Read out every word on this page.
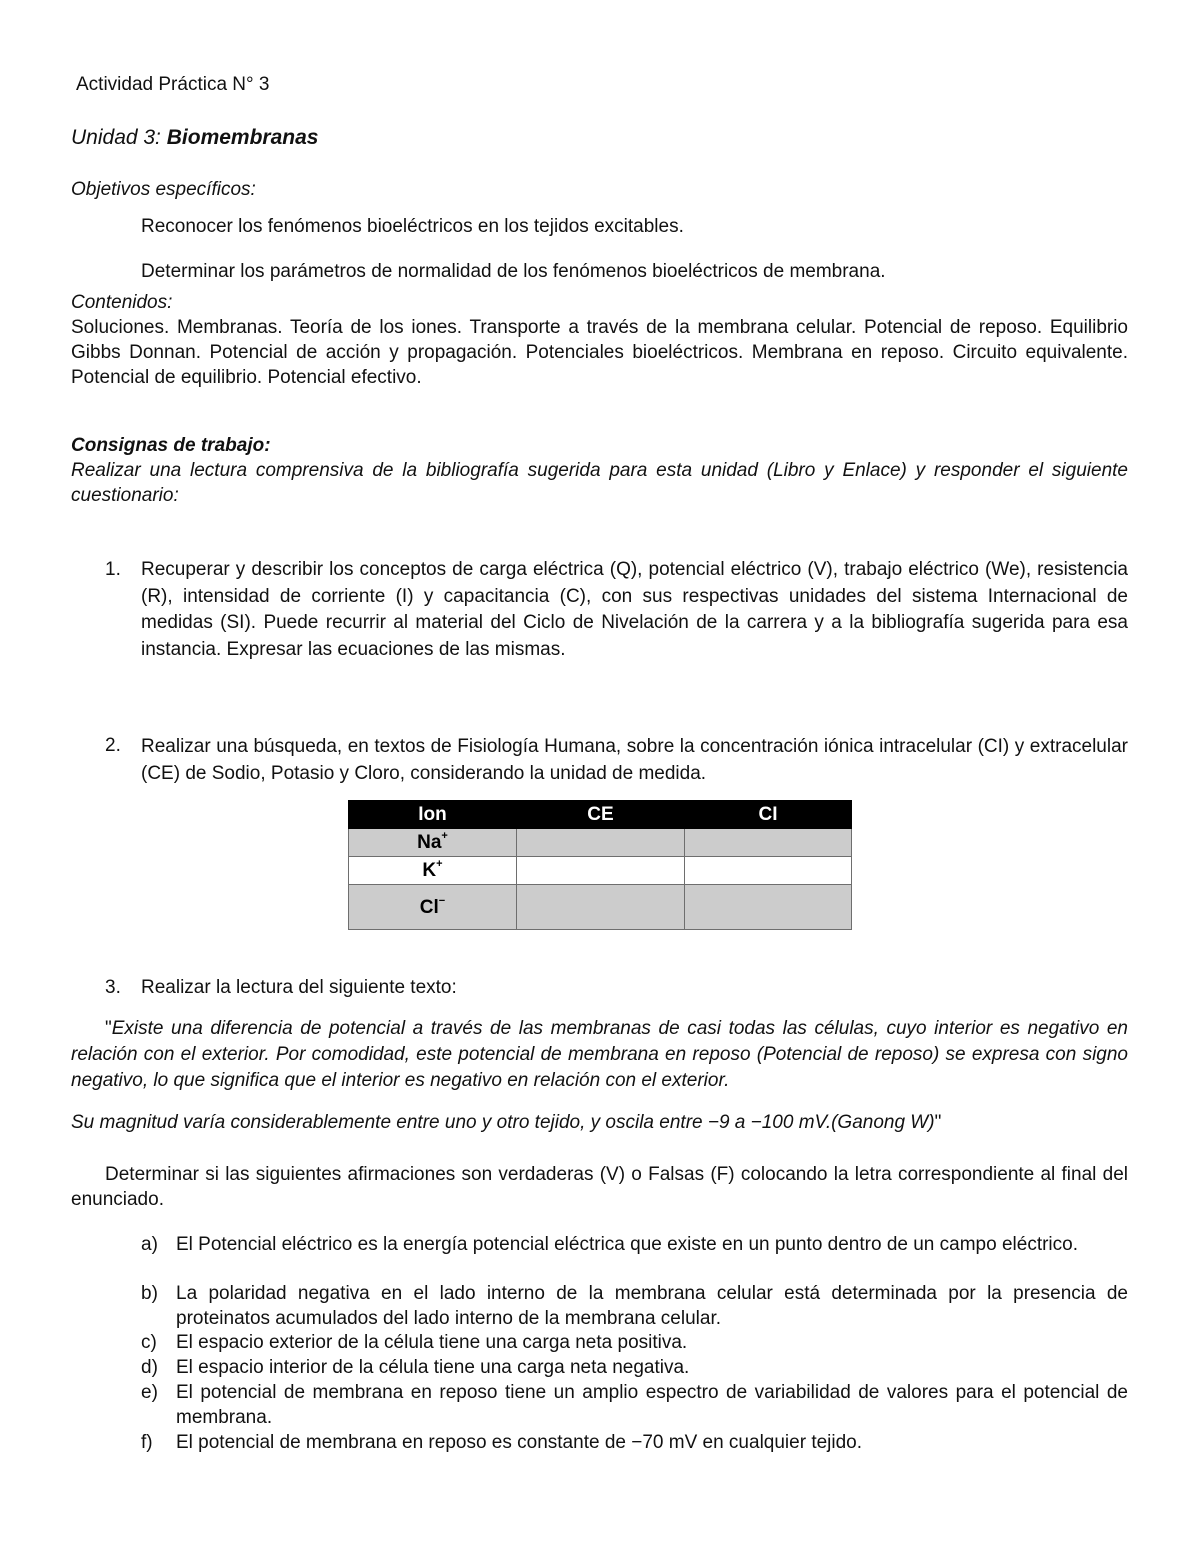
Actividad Práctica N° 3
Unidad 3: Biomembranas
Objetivos específicos:
Reconocer los fenómenos bioeléctricos en los tejidos excitables.
Determinar los parámetros de normalidad de los fenómenos bioeléctricos de membrana.
Contenidos:
Soluciones. Membranas. Teoría de los iones. Transporte a través de la membrana celular. Potencial de reposo. Equilibrio Gibbs Donnan. Potencial de acción y propagación. Potenciales bioeléctricos. Membrana en reposo. Circuito equivalente. Potencial de equilibrio. Potencial efectivo.
Consignas de trabajo:
Realizar una lectura comprensiva de la bibliografía sugerida para esta unidad (Libro y Enlace) y responder el siguiente cuestionario:
1. Recuperar y describir los conceptos de carga eléctrica (Q), potencial eléctrico (V), trabajo eléctrico (We), resistencia (R), intensidad de corriente (I) y capacitancia (C), con sus respectivas unidades del sistema Internacional de medidas (SI). Puede recurrir al material del Ciclo de Nivelación de la carrera y a la bibliografía sugerida para esa instancia. Expresar las ecuaciones de las mismas.
2. Realizar una búsqueda, en textos de Fisiología Humana, sobre la concentración iónica intracelular (CI) y extracelular (CE) de Sodio, Potasio y Cloro, considerando la unidad de medida.
Ion	CE	CI
Na+		
K+		
Cl−		
3. Realizar la lectura del siguiente texto:
"Existe una diferencia de potencial a través de las membranas de casi todas las células, cuyo interior es negativo en relación con el exterior. Por comodidad, este potencial de membrana en reposo (Potencial de reposo) se expresa con signo negativo, lo que significa que el interior es negativo en relación con el exterior.
Su magnitud varía considerablemente entre uno y otro tejido, y oscila entre −9 a −100 mV.(Ganong W)"
Determinar si las siguientes afirmaciones son verdaderas (V) o Falsas (F) colocando la letra correspondiente al final del enunciado.
a) El Potencial eléctrico es la energía potencial eléctrica que existe en un punto dentro de un campo eléctrico.
b) La polaridad negativa en el lado interno de la membrana celular está determinada por la presencia de proteinatos acumulados del lado interno de la membrana celular.
c) El espacio exterior de la célula tiene una carga neta positiva.
d) El espacio interior de la célula tiene una carga neta negativa.
e) El potencial de membrana en reposo tiene un amplio espectro de variabilidad de valores para el potencial de membrana.
f) El potencial de membrana en reposo es constante de −70 mV en cualquier tejido.
